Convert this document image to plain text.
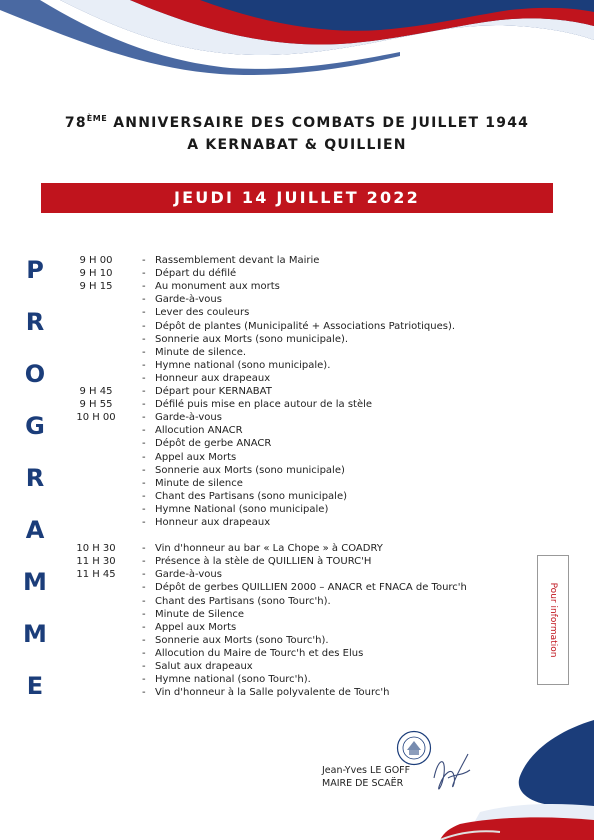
78ÈME ANNIVERSAIRE DES COMBATS DE JUILLET 1944
A KERNABAT & QUILLIEN
JEUDI 14 JUILLET 2022
P
R
O
G
R
A
M
M
E
9 H 00	- Rassemblement devant la Mairie
9 H 10	- Départ du défilé
9 H 15	- Au monument aux morts
- Garde-à-vous
- Lever des couleurs
- Dépôt de plantes (Municipalité + Associations Patriotiques).
- Sonnerie aux Morts (sono municipale).
- Minute de silence.
- Hymne national (sono municipale).
- Honneur aux drapeaux
9 H 45	- Départ pour KERNABAT
9 H 55	- Défilé puis mise en place autour de la stèle
10 H 00	- Garde-à-vous
- Allocution ANACR
- Dépôt de gerbe ANACR
- Appel aux Morts
- Sonnerie aux Morts (sono municipale)
- Minute de silence
- Chant des Partisans (sono municipale)
- Hymne National (sono municipale)
- Honneur aux drapeaux
10 H 30	- Vin d'honneur au bar « La Chope » à COADRY
11 H 30	- Présence à la stèle de QUILLIEN à TOURC'H
11 H 45	- Garde-à-vous
- Dépôt de gerbes QUILLIEN 2000 – ANACR et FNACA de Tourc'h
- Chant des Partisans (sono Tourc'h).
- Minute de Silence
- Appel aux Morts
- Sonnerie aux Morts (sono Tourc'h).
- Allocution du Maire de Tourc'h et des Elus
- Salut aux drapeaux
- Hymne national (sono Tourc'h).
- Vin d'honneur à la Salle polyvalente de Tourc'h
Pour information
Jean-Yves LE GOFF
MAIRE DE SCAËR
